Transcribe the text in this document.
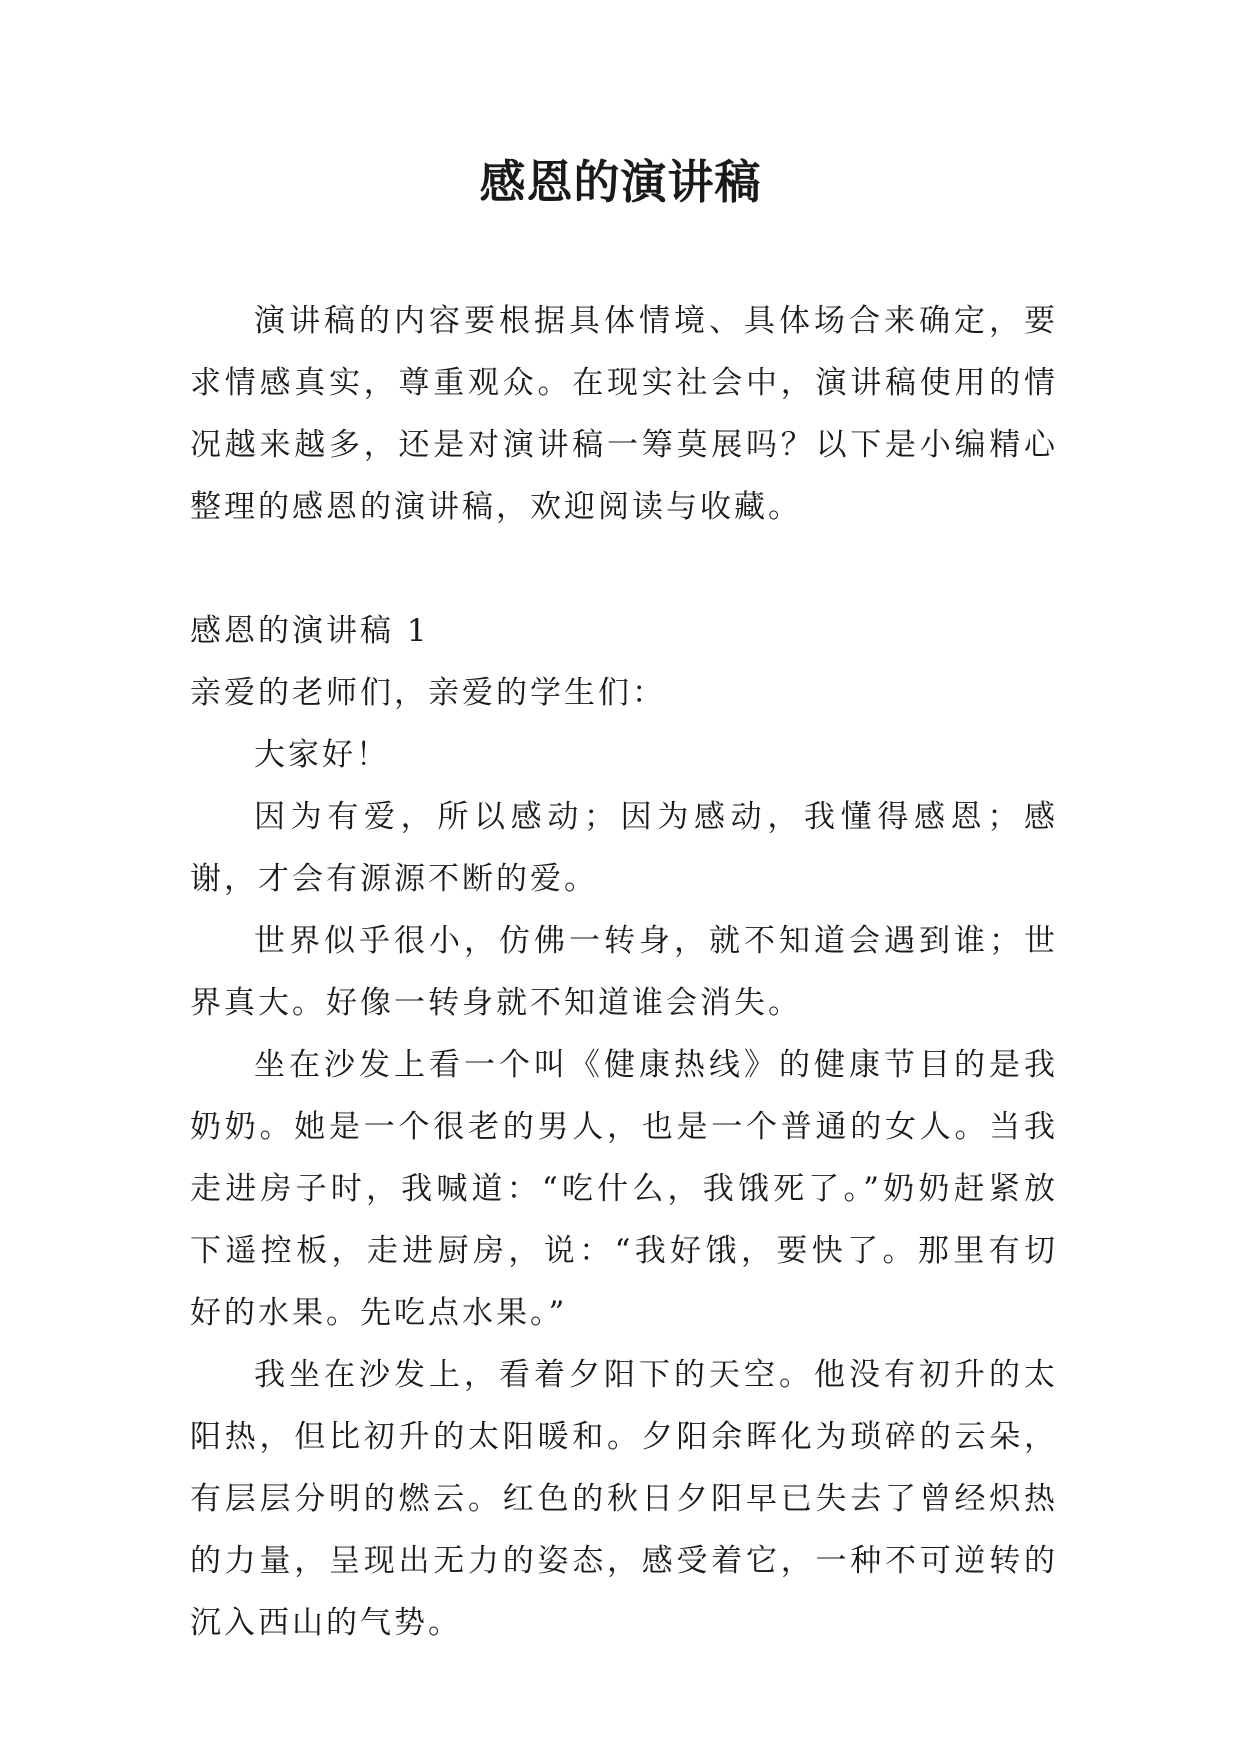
感恩的演讲稿

演讲稿的内容要根据具体情境、具体场合来确定，要求情感真实，尊重观众。在现实社会中，演讲稿使用的情况越来越多，还是对演讲稿一筹莫展吗？以下是小编精心整理的感恩的演讲稿，欢迎阅读与收藏。

感恩的演讲稿 1

亲爱的老师们，亲爱的学生们：

大家好！

因为有爱，所以感动；因为感动，我懂得感恩；感谢，才会有源源不断的爱。

世界似乎很小，仿佛一转身，就不知道会遇到谁；世界真大。好像一转身就不知道谁会消失。

坐在沙发上看一个叫《健康热线》的健康节目的是我奶奶。她是一个很老的男人，也是一个普通的女人。当我走进房子时，我喊道：“吃什么，我饿死了。”奶奶赶紧放下遥控板，走进厨房，说：“我好饿，要快了。那里有切好的水果。先吃点水果。”

我坐在沙发上，看着夕阳下的天空。他没有初升的太阳热，但比初升的太阳暖和。夕阳余晖化为琐碎的云朵，有层层分明的燃云。红色的秋日夕阳早已失去了曾经炽热的力量，呈现出无力的姿态，感受着它，一种不可逆转的沉入西山的气势。
